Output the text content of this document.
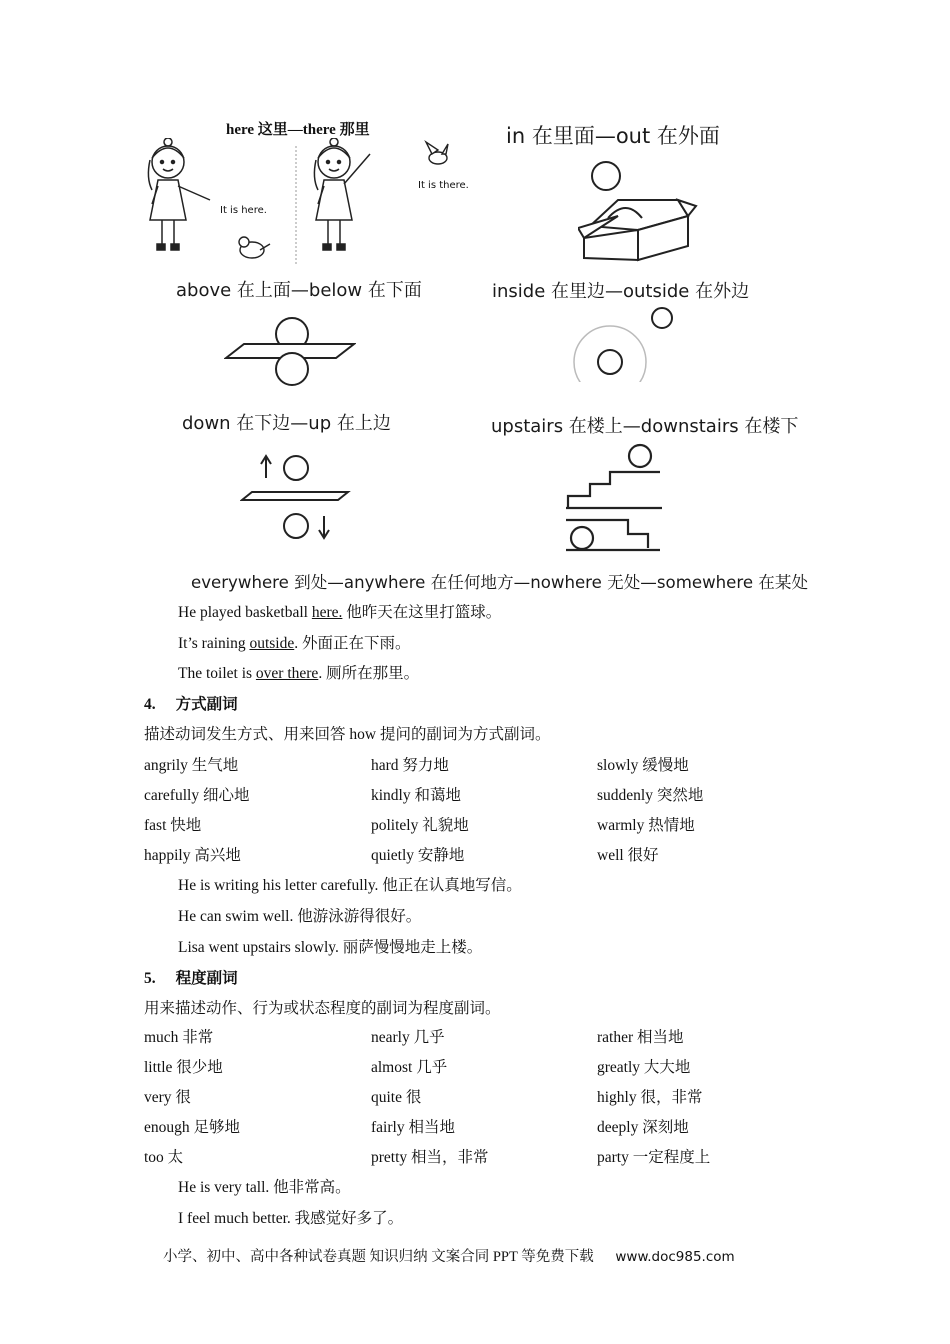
here 这里—there 那里
It is here.
It is there.
in 在里面—out 在外面
above 在上面—below 在下面	inside 在里边—outside 在外边
down 在下边—up 在上边	upstairs 在楼上—downstairs 在楼下
everywhere 到处—anywhere 在任何地方—nowhere 无处—somewhere 在某处
He played basketball here. 他昨天在这里打篮球。
It’s raining outside. 外面正在下雨。
The toilet is over there. 厕所在那里。
4. 方式副词
描述动词发生方式、用来回答 how 提问的副词为方式副词。
angrily 生气地	hard 努力地	slowly 缓慢地
carefully 细心地	kindly 和蔼地	suddenly 突然地
fast 快地	politely 礼貌地	warmly 热情地
happily 高兴地	quietly 安静地	well 很好
He is writing his letter carefully. 他正在认真地写信。
He can swim well. 他游泳游得很好。
Lisa went upstairs slowly. 丽萨慢慢地走上楼。
5. 程度副词
用来描述动作、行为或状态程度的副词为程度副词。
much 非常	nearly 几乎	rather 相当地
little 很少地	almost 几乎	greatly 大大地
very 很	quite 很	highly 很，非常
enough 足够地	fairly 相当地	deeply 深刻地
too 太	pretty 相当，非常	party 一定程度上
He is very tall. 他非常高。
I feel much better. 我感觉好多了。
小学、初中、高中各种试卷真题 知识归纳 文案合同 PPT 等免费下载 www.doc985.com
